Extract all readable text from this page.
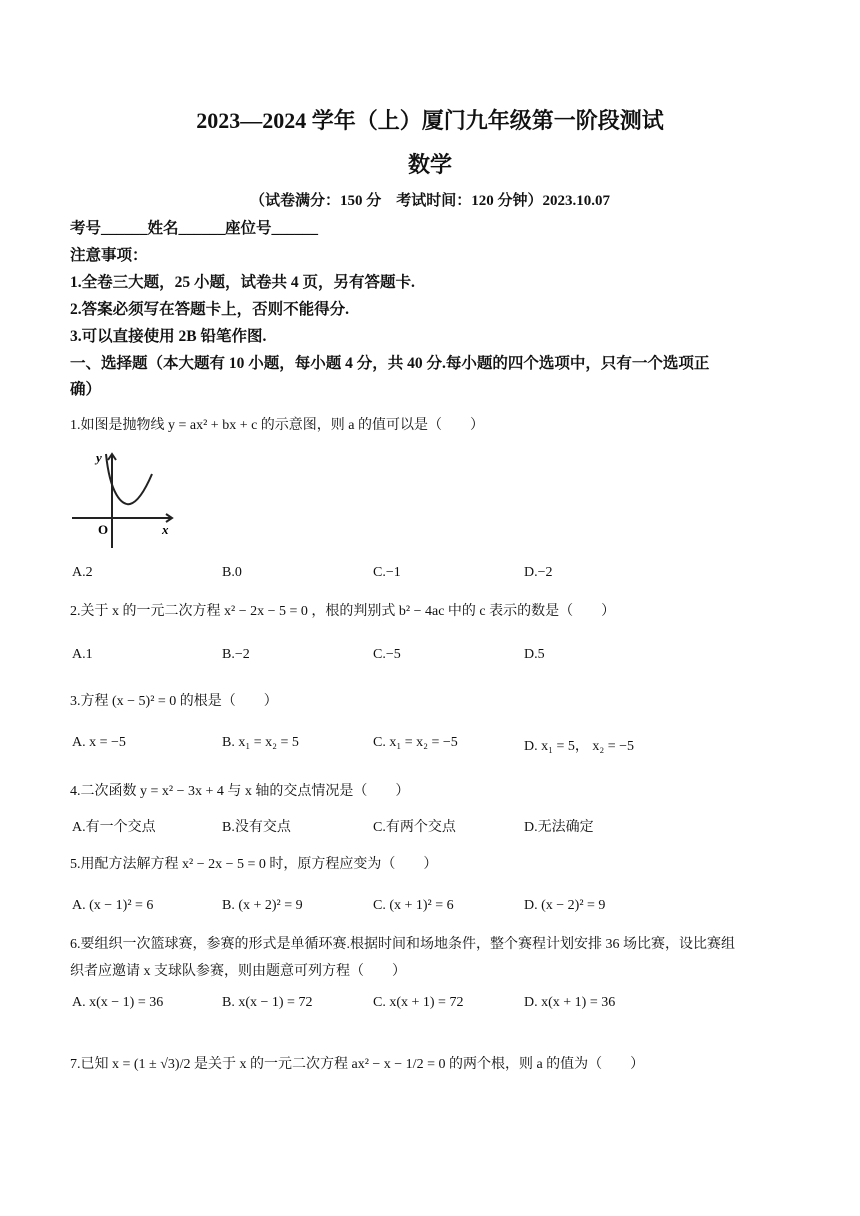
2023—2024 学年（上）厦门九年级第一阶段测试
数学
（试卷满分：150 分　考试时间：120 分钟）2023.10.07
考号______姓名______座位号______
注意事项：
1.全卷三大题，25 小题，试卷共 4 页，另有答题卡.
2.答案必须写在答题卡上，否则不能得分.
3.可以直接使用 2B 铅笔作图.
一、选择题（本大题有 10 小题，每小题 4 分，共 40 分.每小题的四个选项中，只有一个选项正
确）
1.如图是抛物线 y = ax² + bx + c 的示意图，则 a 的值可以是（　　）
y
O	x
A.2	B.0	C.−1	D.−2
2.关于 x 的一元二次方程 x² − 2x − 5 = 0 ，根的判别式 b² − 4ac 中的 c 表示的数是（　　）
A.1	B.−2	C.−5	D.5
3.方程 (x − 5)² = 0 的根是（　　）
A. x = −5	B. x₁ = x₂ = 5	C. x₁ = x₂ = −5	D. x₁ = 5， x₂ = −5
4.二次函数 y = x² − 3x + 4 与 x 轴的交点情况是（　　）
A.有一个交点	B.没有交点	C.有两个交点	D.无法确定
5.用配方法解方程 x² − 2x − 5 = 0 时，原方程应变为（　　）
A. (x − 1)² = 6	B. (x + 2)² = 9	C. (x + 1)² = 6	D. (x − 2)² = 9
6.要组织一次篮球赛，参赛的形式是单循环赛.根据时间和场地条件，整个赛程计划安排 36 场比赛，设比赛组
织者应邀请 x 支球队参赛，则由题意可列方程（　　）
A. x(x − 1) = 36	B. x(x − 1) = 72	C. x(x + 1) = 72	D. x(x + 1) = 36
7.已知 x = (1 ± √3)/2 是关于 x 的一元二次方程 ax² − x − 1/2 = 0 的两个根，则 a 的值为（　　）
